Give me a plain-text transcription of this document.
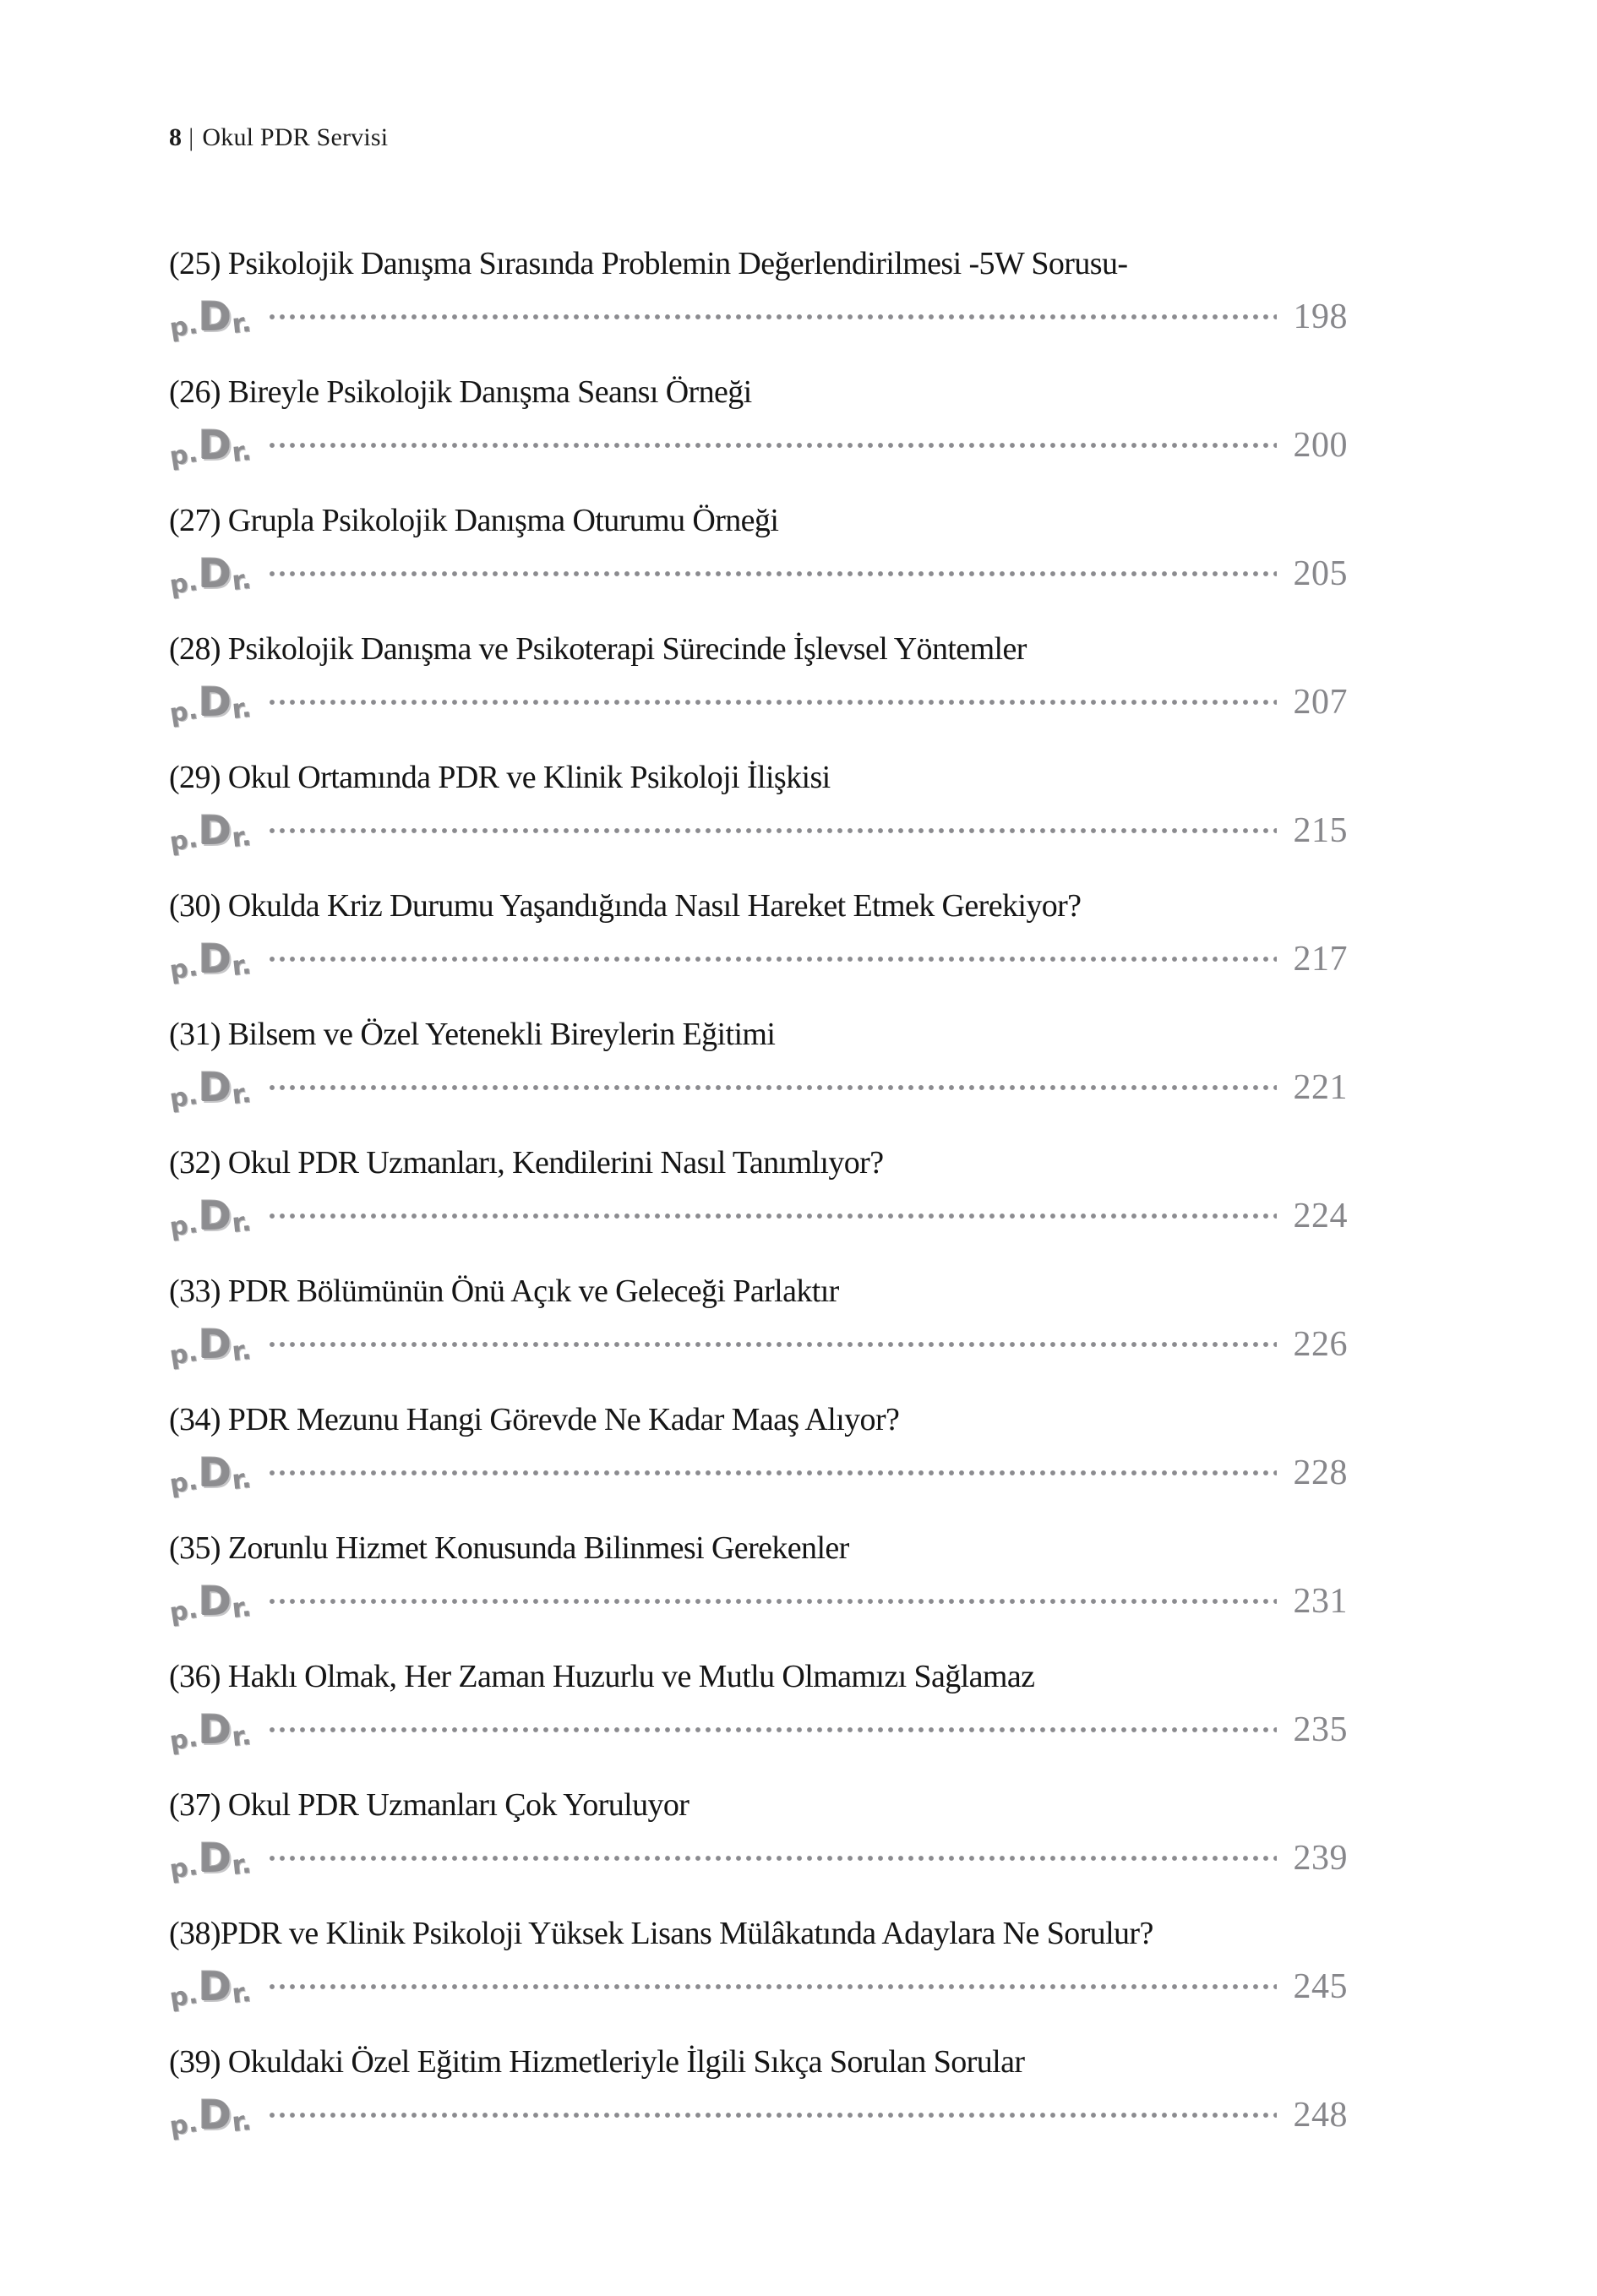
8 | Okul PDR Servisi
(25) Psikolojik Danışma Sırasında Problemin Değerlendirilmesi -5W Sorusu-
p.
D
r.	198
(26) Bireyle Psikolojik Danışma Seansı Örneği
p.
D
r.	200
(27) Grupla Psikolojik Danışma Oturumu Örneği
p.
D
r.	205
(28) Psikolojik Danışma ve Psikoterapi Sürecinde İşlevsel Yöntemler
p.
D
r.	207
(29) Okul Ortamında PDR ve Klinik Psikoloji İlişkisi
p.
D
r.	215
(30) Okulda Kriz Durumu Yaşandığında Nasıl Hareket Etmek Gerekiyor?
p.
D
r.	217
(31) Bilsem ve Özel Yetenekli Bireylerin Eğitimi
p.
D
r.	221
(32) Okul PDR Uzmanları, Kendilerini Nasıl Tanımlıyor?
p.
D
r.	224
(33) PDR Bölümünün Önü Açık ve Geleceği Parlaktır
p.
D
r.	226
(34) PDR Mezunu Hangi Görevde Ne Kadar Maaş Alıyor?
p.
D
r.	228
(35) Zorunlu Hizmet Konusunda Bilinmesi Gerekenler
p.
D
r.	231
(36) Haklı Olmak, Her Zaman Huzurlu ve Mutlu Olmamızı Sağlamaz
p.
D
r.	235
(37) Okul PDR Uzmanları Çok Yoruluyor
p.
D
r.	239
(38)PDR ve Klinik Psikoloji Yüksek Lisans Mülâkatında Adaylara Ne Sorulur?
p.
D
r.	245
(39) Okuldaki Özel Eğitim Hizmetleriyle İlgili Sıkça Sorulan Sorular
p.
D
r.	248
